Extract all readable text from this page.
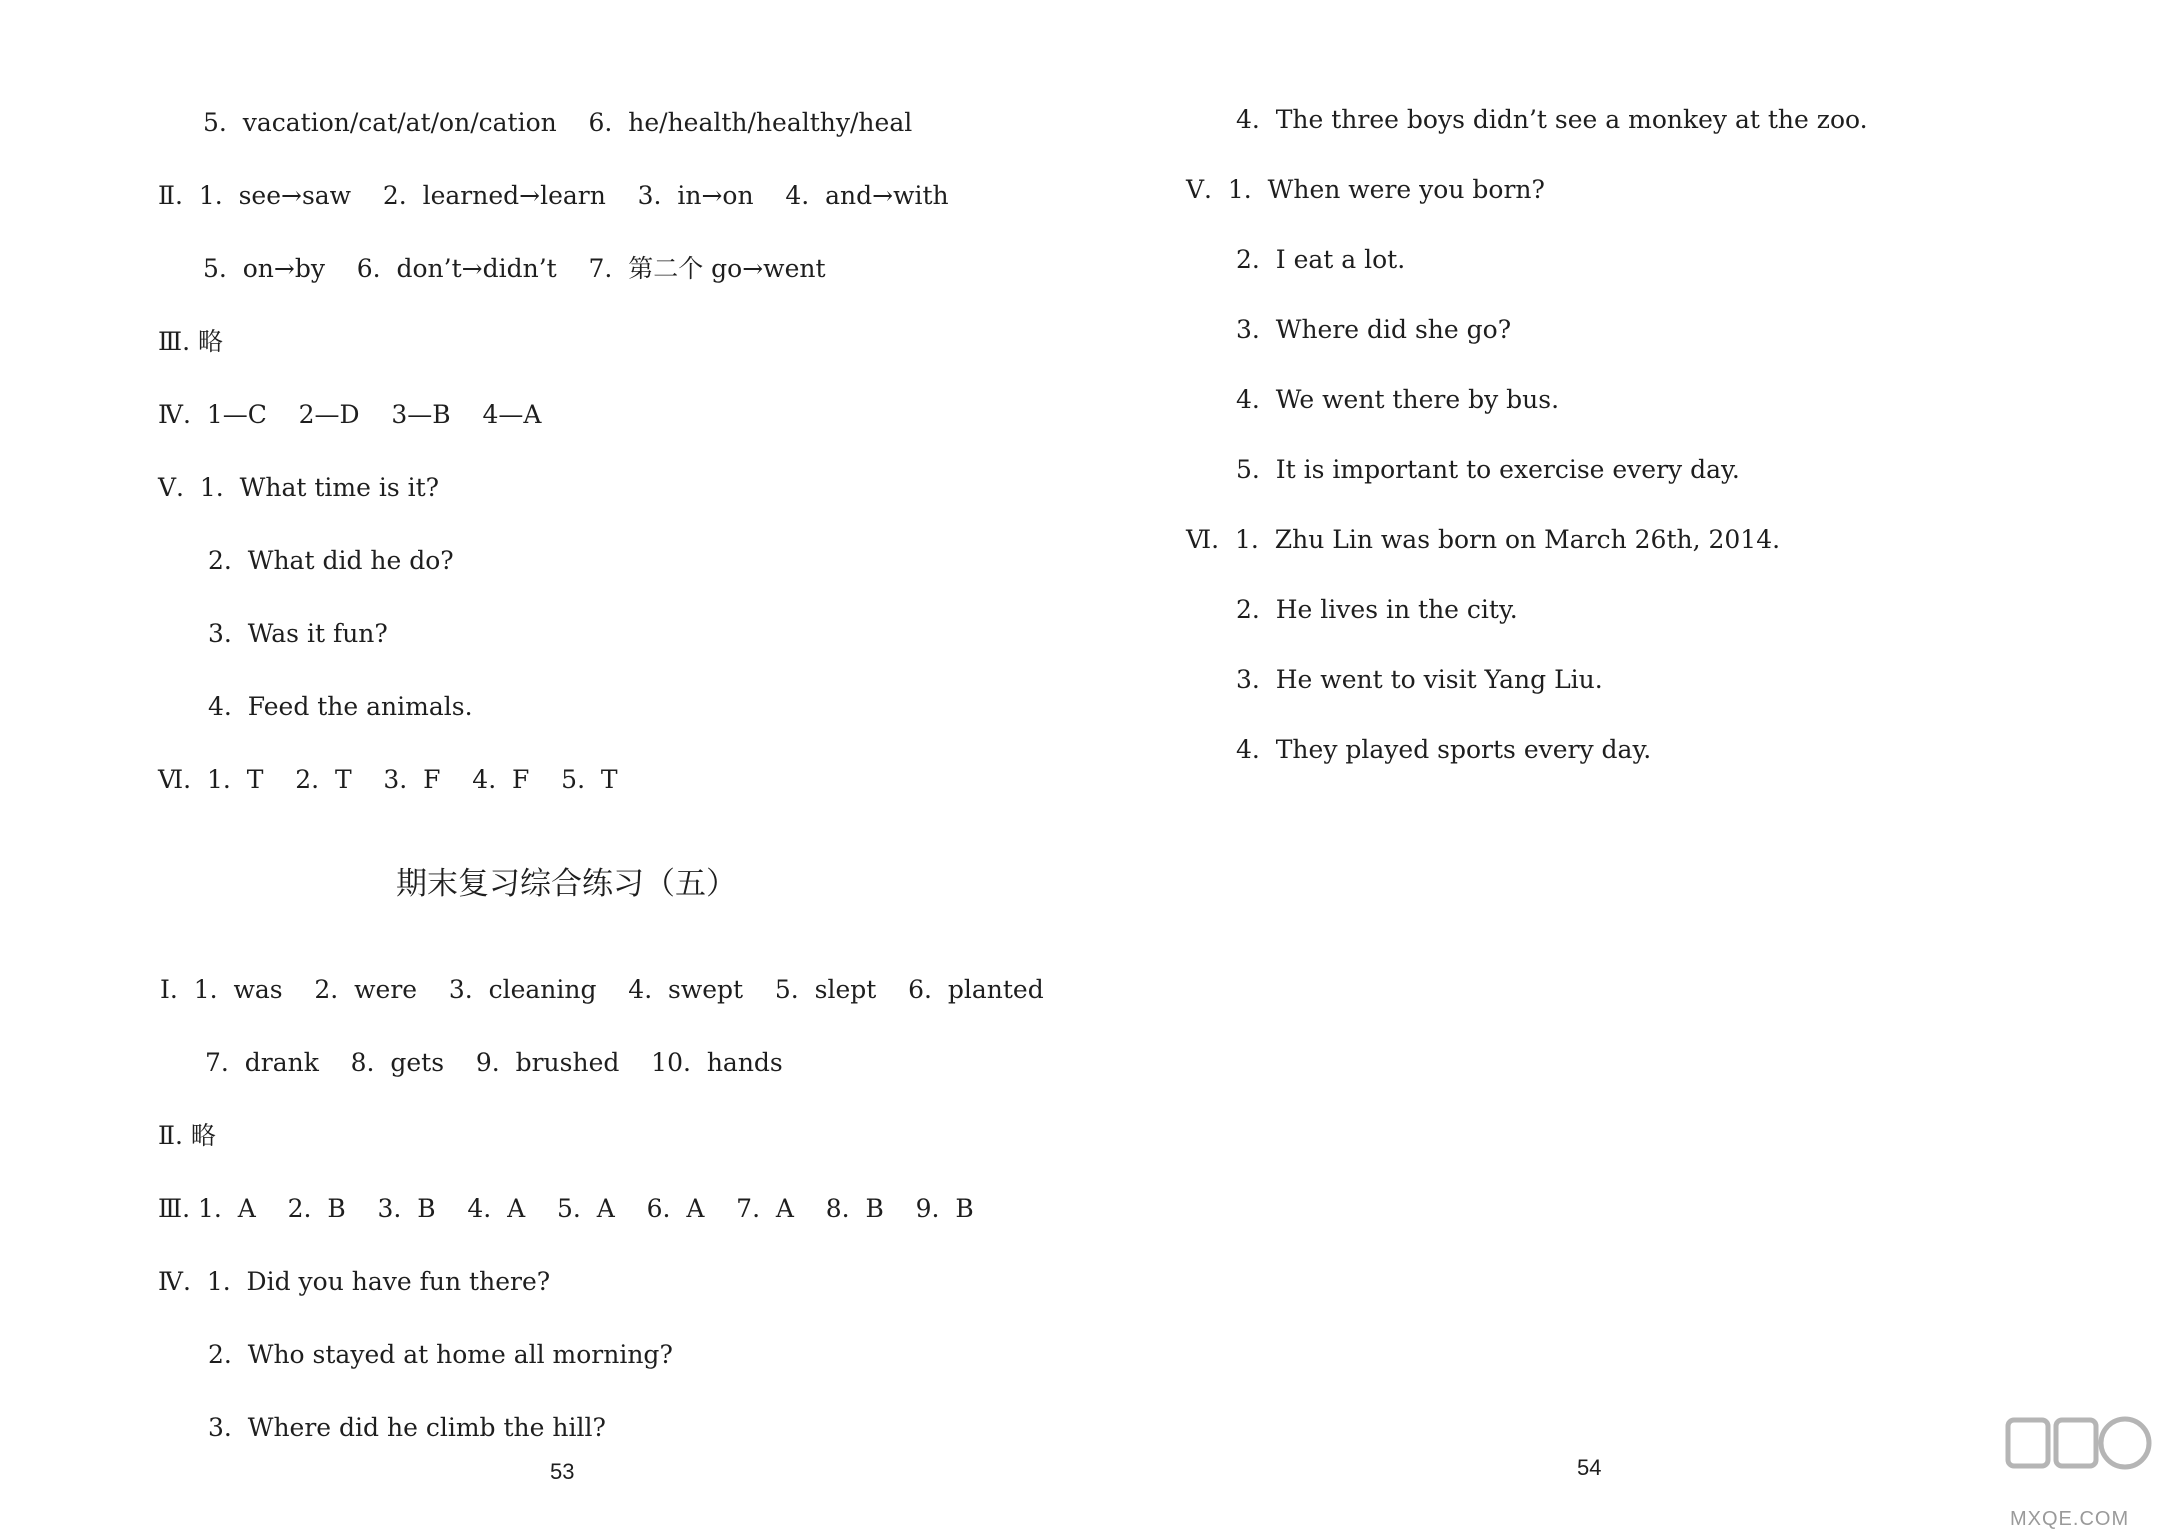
5.  vacation/cat/at/on/cation    6.  he/health/healthy/heal
Ⅱ.  1.  see→saw    2.  learned→learn    3.  in→on    4.  and→with
5.  on→by    6.  don’t→didn’t    7.  第二个 go→went
Ⅲ. 略
Ⅳ.  1—C    2—D    3—B    4—A
Ⅴ.  1.  What time is it?
2.  What did he do?
3.  Was it fun?
4.  Feed the animals.
Ⅵ.  1.  T    2.  T    3.  F    4.  F    5.  T
期末复习综合练习（五）
Ⅰ.  1.  was    2.  were    3.  cleaning    4.  swept    5.  slept    6.  planted
7.  drank    8.  gets    9.  brushed    10.  hands
Ⅱ. 略
Ⅲ. 1.  A    2.  B    3.  B    4.  A    5.  A    6.  A    7.  A    8.  B    9.  B
Ⅳ.  1.  Did you have fun there?
2.  Who stayed at home all morning?
3.  Where did he climb the hill?
53
4.  The three boys didn’t see a monkey at the zoo.
Ⅴ.  1.  When were you born?
2.  I eat a lot.
3.  Where did she go?
4.  We went there by bus.
5.  It is important to exercise every day.
Ⅵ.  1.  Zhu Lin was born on March 26th, 2014.
2.  He lives in the city.
3.  He went to visit Yang Liu.
4.  They played sports every day.
54
MXQE.COM
